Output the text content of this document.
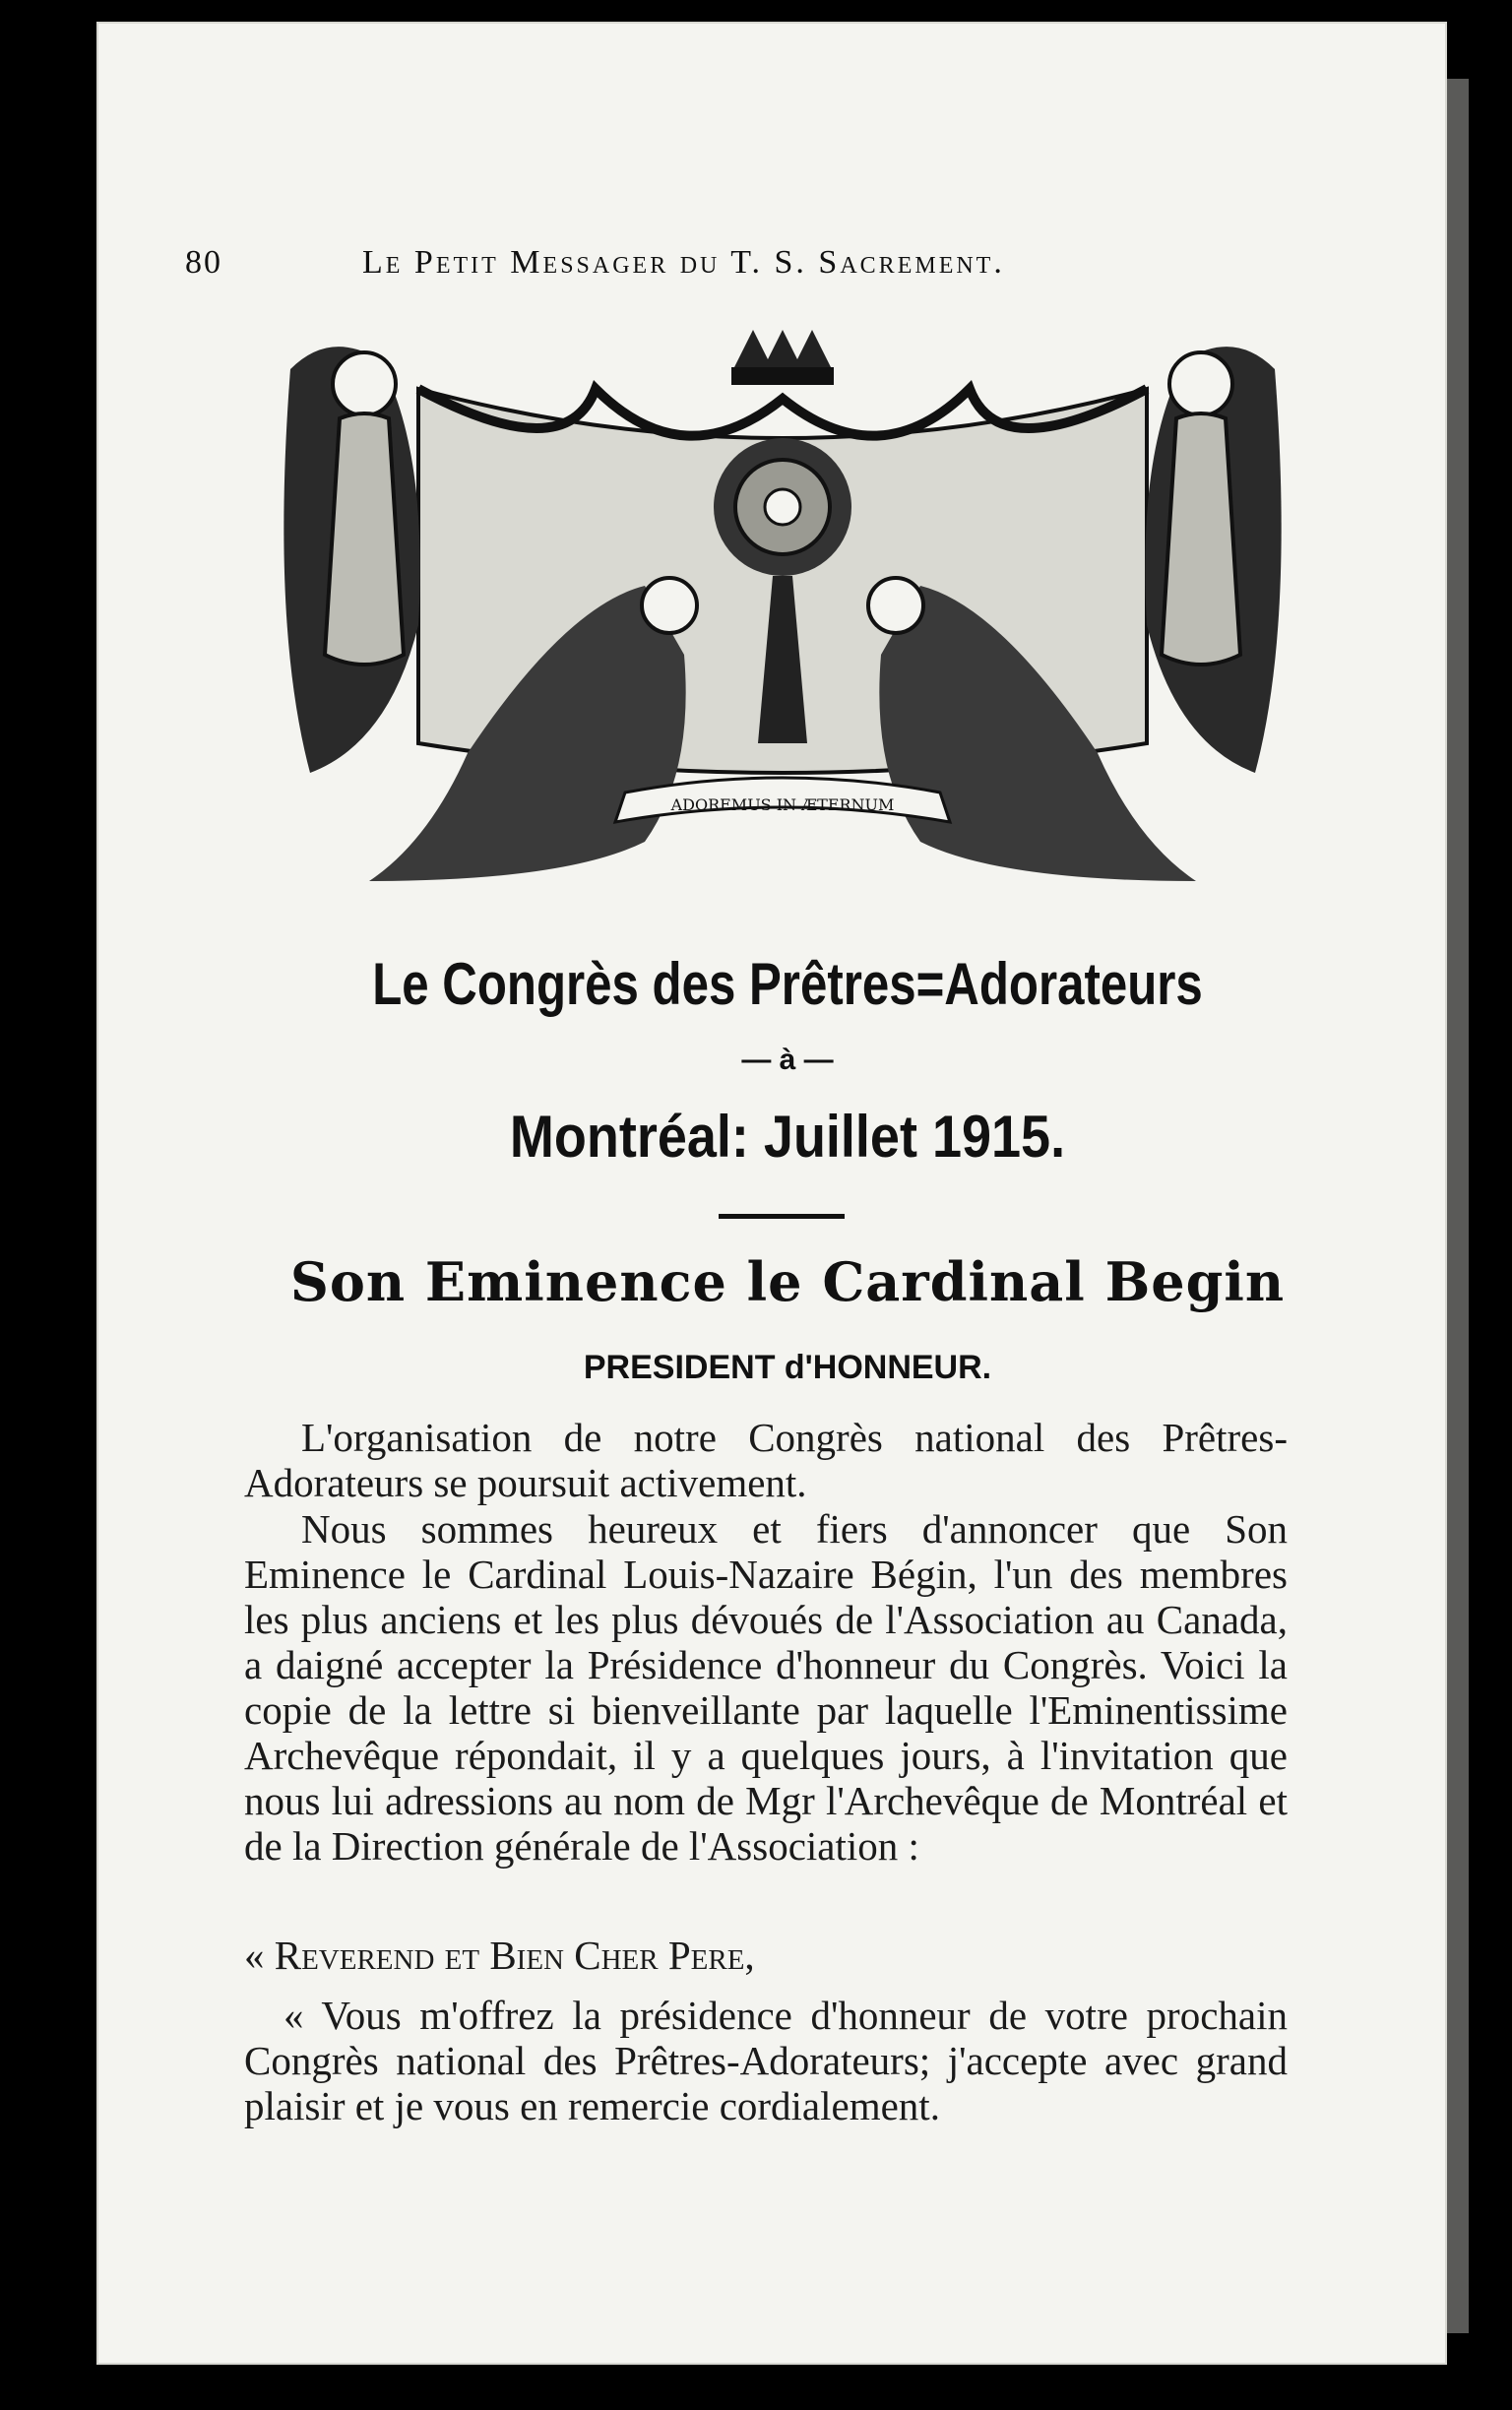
80	Le Petit Messager du T. S. Sacrement.
ADOREMUS IN ÆTERNUM
Le Congrès des Prêtres=Adorateurs
— à —
Montréal: Juillet 1915.
Son Eminence le Cardinal Begin
PRESIDENT d'HONNEUR.
L'organisation de notre Congrès national des Prêtres-Adorateurs se poursuit activement.
Nous sommes heureux et fiers d'annoncer que Son Eminence le Cardinal Louis-Nazaire Bégin, l'un des membres les plus anciens et les plus dévoués de l'Association au Canada, a daigné accepter la Présidence d'honneur du Congrès. Voici la copie de la lettre si bienveillante par laquelle l'Eminentissime Archevêque répondait, il y a quelques jours, à l'invitation que nous lui adressions au nom de Mgr l'Archevêque de Montréal et de la Direction générale de l'Association :
« Reverend et Bien Cher Pere,
« Vous m'offrez la présidence d'honneur de votre prochain Congrès national des Prêtres-Adorateurs; j'accepte avec grand plaisir et je vous en remercie cordialement.
